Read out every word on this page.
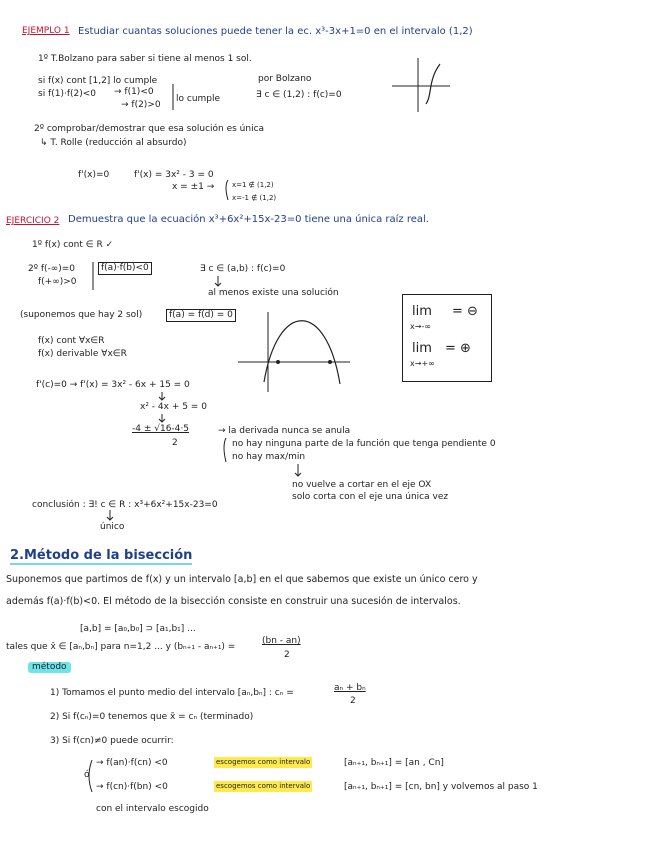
EJEMPLO 1 Estudiar cuantas soluciones puede tener la ec. x³-3x+1=0 en el intervalo (1,2)
1º T.Bolzano para saber si tiene al menos 1 sol.
si f(x) cont [1,2] lo cumple
si f(1)·f(2)<0 → f(1)<0
→ f(2)>0
lo cumple
por Bolzano
∃ c ∈ (1,2) : f(c)=0
2º comprobar/demostrar que esa solución es única
↳ T. Rolle (reducción al absurdo)
f'(x)=0	f'(x) = 3x² - 3 = 0
x = ±1 →	x=1 ∉ (1,2)
x=-1 ∉ (1,2)
EJERCICIO 2 Demuestra que la ecuación x³+6x²+15x-23=0 tiene una única raíz real.
1º f(x) cont ∈ R ✓
2º f(-∞)=0
f(+∞)>0
f(a)·f(b)<0	∃ c ∈ (a,b) : f(c)=0
al menos existe una solución
(suponemos que hay 2 sol)	f(a) = f(d) = 0
f(x) cont ∀x∈R
f(x) derivable ∀x∈R
lim
x→-∞
= ⊖
lim
x→+∞
= ⊕
f'(c)=0 → f'(x) = 3x² - 6x + 15 = 0
x² - 4x + 5 = 0
-4 ± √16-4·5
2
→ la derivada nunca se anula
no hay ninguna parte de la función que tenga pendiente 0
no hay max/min
no vuelve a cortar en el eje OX
solo corta con el eje una única vez
conclusión : ∃! c ∈ R : x³+6x²+15x-23=0
único
2.Método de la bisección
Suponemos que partimos de f(x) y un intervalo [a,b] en el que sabemos que existe un único cero y
además f(a)·f(b)<0. El método de la bisección consiste en construir una sucesión de intervalos.
[a,b] = [a₀,b₀] ⊃ [a₁,b₁] ...
tales que x̄ ∈ [aₙ,bₙ] para n=1,2 ... y (bₙ₊₁ - aₙ₊₁) =
(bn - an)
2
método
1) Tomamos el punto medio del intervalo [aₙ,bₙ] : cₙ =	aₙ + bₙ
2
2) Si f(cₙ)=0 tenemos que x̄ = cₙ (terminado)
3) Si f(cn)≠0 puede ocurrir:
ó
→ f(an)·f(cn) <0	escogemos como intervalo	[aₙ₊₁, bₙ₊₁] = [an , Cn]
→ f(cn)·f(bn) <0	escogemos como intervalo	[aₙ₊₁, bₙ₊₁] = [cn, bn] y volvemos al paso 1
con el intervalo escogido
